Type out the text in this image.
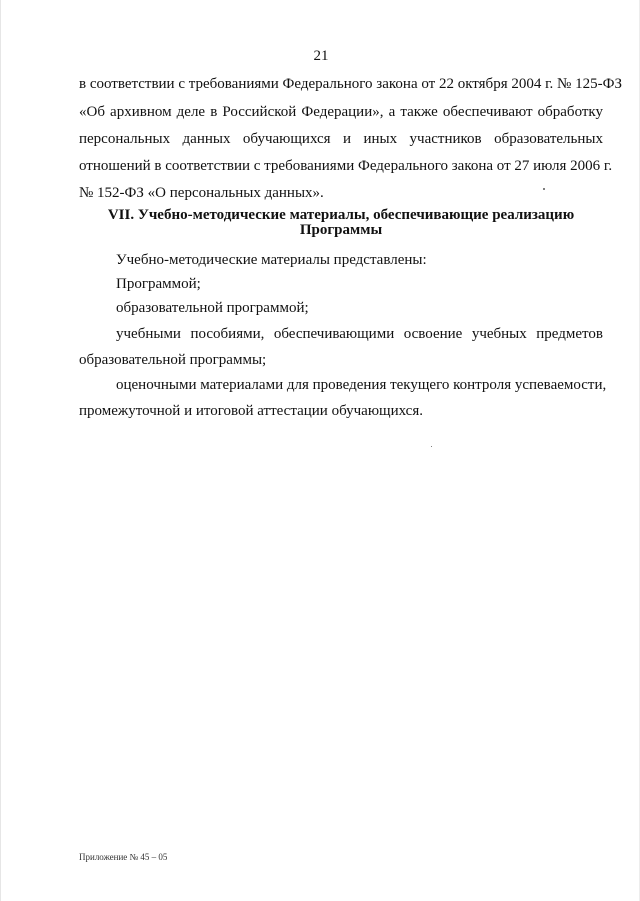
21
в соответствии с требованиями Федерального закона от 22 октября 2004 г. № 125-ФЗ
«Об архивном деле в Российской Федерации», а также обеспечивают обработку
персональных данных обучающихся и иных участников образовательных
отношений в соответствии с требованиями Федерального закона от 27 июля 2006 г.
№ 152-ФЗ «О персональных данных».
VII. Учебно-методические материалы, обеспечивающие реализацию
Программы
Учебно-методические материалы представлены:
Программой;
образовательной программой;
учебными пособиями, обеспечивающими освоение учебных предметов
образовательной программы;
оценочными материалами для проведения текущего контроля успеваемости,
промежуточной и итоговой аттестации обучающихся.
Приложение № 45 – 05
